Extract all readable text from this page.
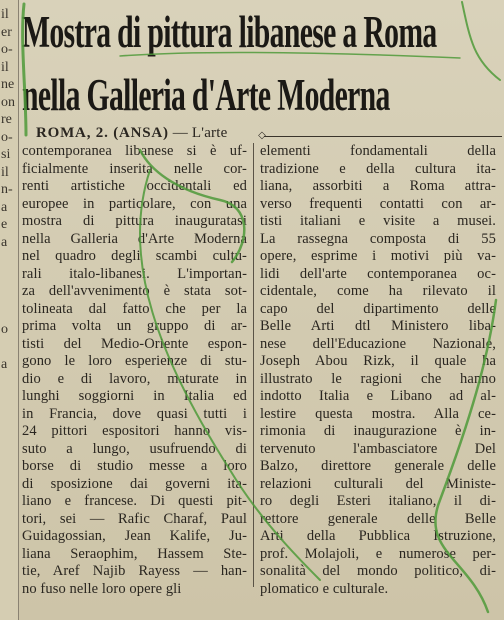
il
er
o-
il
ne
on
re
o-
si
il
n-
a
e
a
o
a
Mostra di pittura libanese a Roma
nella Galleria d'Arte Moderna
ROMA, 2. (ANSA) — L'arte	◇
contemporanea libanese si è uf-
ficialmente inserita nelle cor-
renti artistiche occidentali ed
europee in particolare, con una
mostra di pittura inauguratasi
nella Galleria d'Arte Moderna
nel quadro degli scambi cultu-
rali italo-libanesi. L'importan-
za dell'avvenimento è stata sot-
tolineata dal fatto che per la
prima volta un gruppo di ar-
tisti del Medio-Oriente espon-
gono le loro esperienze di stu-
dio e di lavoro, maturate in
lunghi soggiorni in Italia ed
in Francia, dove quasi tutti i
24 pittori espositori hanno vis-
suto a lungo, usufruendo di
borse di studio messe a loro
di sposizione dai governi ita-
liano e francese. Di questi pit-
tori, sei — Rafic Charaf, Paul
Guidagossian, Jean Kalife, Ju-
liana Seraophim, Hassem Ste-
tie, Aref Najib Rayess — han-
no fuso nelle loro opere gli
elementi fondamentali della
tradizione e della cultura ita-
liana, assorbiti a Roma attra-
verso frequenti contatti con ar-
tisti italiani e visite a musei.
La rassegna composta di 55
opere, esprime i motivi più va-
lidi dell'arte contemporanea oc-
cidentale, come ha rilevato il
capo del dipartimento delle
Belle Arti dtl Ministero liba-
nese dell'Educazione Nazionale,
Joseph Abou Rizk, il quale ha
illustrato le ragioni che hanno
indotto Italia e Libano ad al-
lestire questa mostra. Alla ce-
rimonia di inaugurazione è in-
tervenuto l'ambasciatore Del
Balzo, direttore generale delle
relazioni culturali del Ministe-
ro degli Esteri italiano, il di-
rettore generale delle Belle
Arti della Pubblica Istruzione,
prof. Molajoli, e numerose per-
sonalità del mondo politico, di-
plomatico e culturale.
